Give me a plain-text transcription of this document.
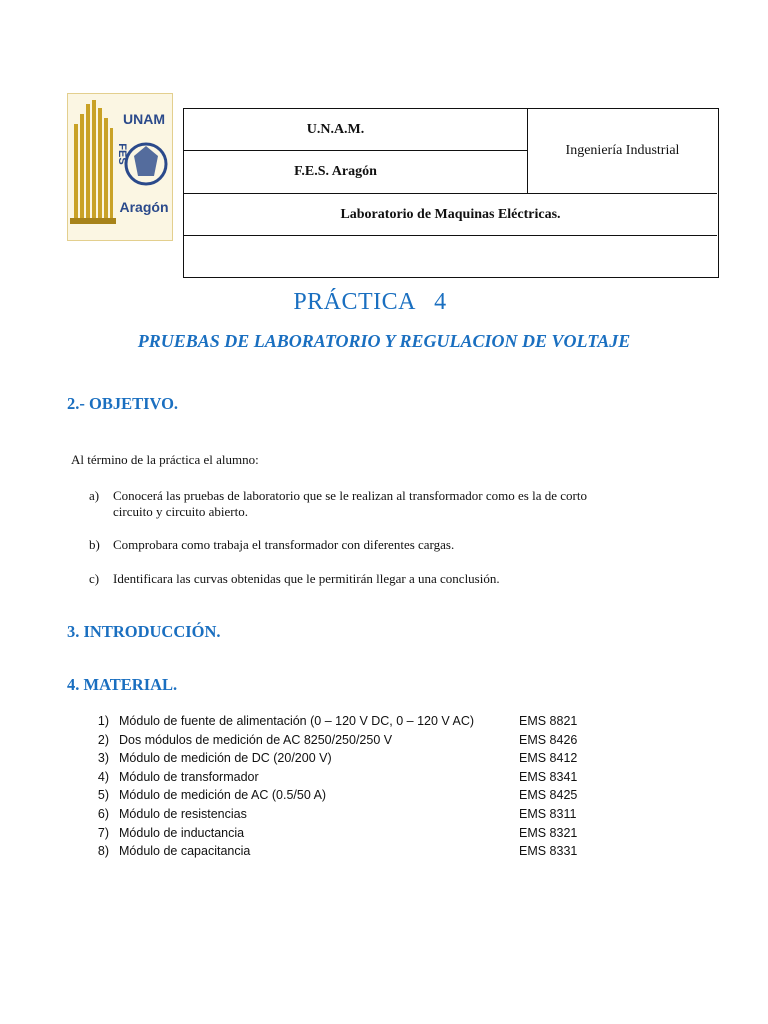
UNAM
FES
Aragón
U.N.A.M.
F.E.S. Aragón
Ingeniería Industrial
Laboratorio de Maquinas Eléctricas.
PRÁCTICA   4
PRUEBAS DE LABORATORIO Y REGULACION DE VOLTAJE
2.- OBJETIVO.
Al término de la práctica el alumno:
a) Conocerá las pruebas de laboratorio que se le realizan al transformador como es la de corto
circuito y circuito abierto.
b) Comprobara como trabaja el transformador con diferentes cargas.
c) Identificara las curvas obtenidas que le permitirán llegar a una conclusión.
3. INTRODUCCIÓN.
4. MATERIAL.
1) Módulo de fuente de alimentación (0 – 120 V DC, 0 – 120 V AC)	EMS 8821
2) Dos módulos de medición de AC 8250/250/250 V	EMS 8426
3) Módulo de medición de DC (20/200 V)	EMS 8412
4) Módulo de transformador	EMS 8341
5) Módulo de medición de AC (0.5/50 A)	EMS 8425
6) Módulo de resistencias	EMS 8311
7) Módulo de inductancia	EMS 8321
8) Módulo de capacitancia	EMS 8331
